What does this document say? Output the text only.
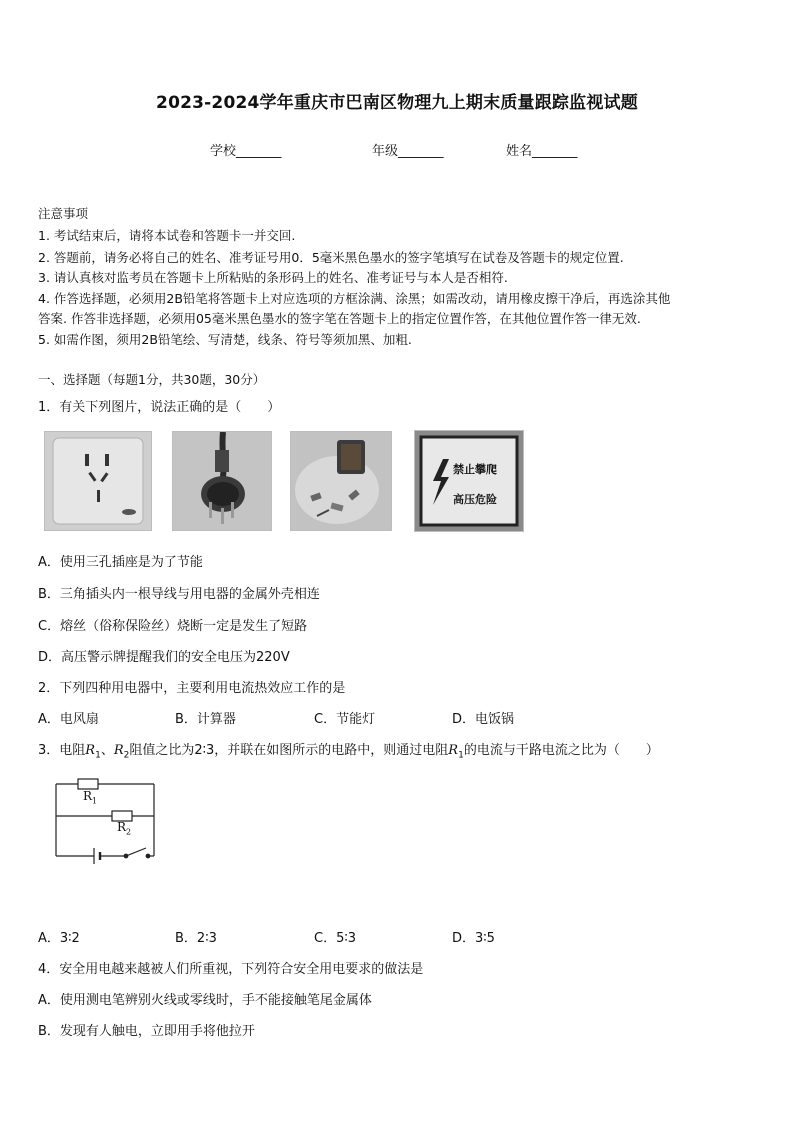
2023-2024学年重庆市巴南区物理九上期末质量跟踪监视试题
学校_______	年级_______	姓名_______
注意事项
1. 考试结束后，请将本试卷和答题卡一并交回.
2. 答题前，请务必将自己的姓名、准考证号用0．5毫米黑色墨水的签字笔填写在试卷及答题卡的规定位置.
3. 请认真核对监考员在答题卡上所粘贴的条形码上的姓名、准考证号与本人是否相符.
4. 作答选择题，必须用2B铅笔将答题卡上对应选项的方框涂满、涂黑；如需改动，请用橡皮擦干净后，再选涂其他
答案. 作答非选择题，必须用05毫米黑色墨水的签字笔在答题卡上的指定位置作答，在其他位置作答一律无效.
5. 如需作图，须用2B铅笔绘、写清楚，线条、符号等须加黑、加粗.
一、选择题（每题1分，共30题，30分）
1．有关下列图片，说法正确的是（　　）
禁止攀爬
高压危险
A．使用三孔插座是为了节能
B．三角插头内一根导线与用电器的金属外壳相连
C．熔丝（俗称保险丝）烧断一定是发生了短路
D．高压警示牌提醒我们的安全电压为220V
2．下列四种用电器中，主要利用电流热效应工作的是
A．电风扇	B．计算器	C．节能灯	D．电饭锅
3．电阻$R_1$、$R_2$阻值之比为2∶3，并联在如图所示的电路中，则通过电阻$R_1$的电流与干路电流之比为（　　）
$R_1$
$R_2$
A．3∶2	B．2∶3	C．5∶3	D．3∶5
4．安全用电越来越被人们所重视，下列符合安全用电要求的做法是
A．使用测电笔辨别火线或零线时，手不能接触笔尾金属体
B．发现有人触电，立即用手将他拉开
